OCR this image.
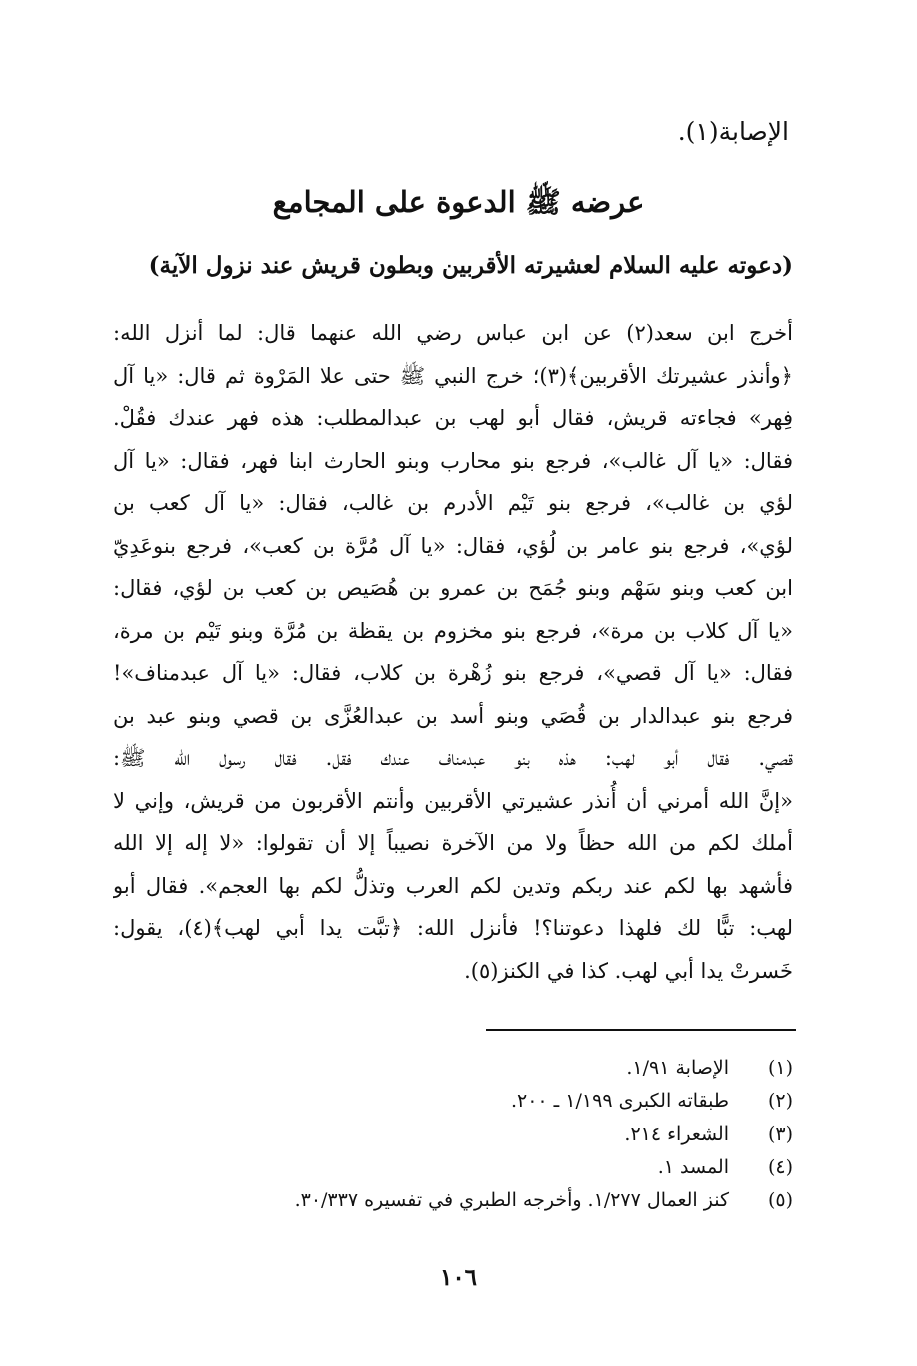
الإصابة(١).
عرضه ﷺ الدعوة على المجامع
(دعوته عليه السلام لعشيرته الأقربين وبطون قريش عند نزول الآية)
أخرج ابن سعد(٢) عن ابن عباس رضي الله عنهما قال: لما أنزل الله:
﴿وأنذر عشيرتك الأقربين﴾(٣)؛ خرج النبي ﷺ حتى علا المَرْوة ثم قال: «يا آل
فِهر» فجاءته قريش، فقال أبو لهب بن عبدالمطلب: هذه فهر عندك فقُلْ.
فقال: «يا آل غالب»، فرجع بنو محارب وبنو الحارث ابنا فهر، فقال: «يا آل
لؤي بن غالب»، فرجع بنو تَيْم الأدرم بن غالب، فقال: «يا آل كعب بن
لؤي»، فرجع بنو عامر بن لُؤي، فقال: «يا آل مُرَّة بن كعب»، فرجع بنوعَدِيّ
ابن كعب وبنو سَهْم وبنو جُمَح بن عمرو بن هُصَيص بن كعب بن لؤي، فقال:
«يا آل كلاب بن مرة»، فرجع بنو مخزوم بن يقظة بن مُرَّة وبنو تَيْم بن مرة،
فقال: «يا آل قصي»، فرجع بنو زُهْرة بن كلاب، فقال: «يا آل عبدمناف»!
فرجع بنو عبدالدار بن قُصَي وبنو أسد بن عبدالعُزَّى بن قصي وبنو عبد بن
قصي. فقال أبو لهب: هذه بنو عبدمناف عندك فقل. فقال رسول الله ﷺ:
«إنَّ الله أمرني أن أُنذر عشيرتي الأقربين وأنتم الأقربون من قريش، وإني لا
أملك لكم من الله حظاً ولا من الآخرة نصيباً إلا أن تقولوا: «لا إله إلا الله
فأشهد بها لكم عند ربكم وتدين لكم العرب وتذلُّ لكم بها العجم». فقال أبو
لهب: تبًّا لك فلهذا دعوتنا؟! فأنزل الله: ﴿تبَّت يدا أبي لهب﴾(٤)، يقول:
خَسرتْ يدا أبي لهب. كذا في الكنز(٥).
(١)
الإصابة ١/٩١.
(٢)
طبقاته الكبرى ١/١٩٩ ـ ٢٠٠.
(٣)
الشعراء ٢١٤.
(٤)
المسد ١.
(٥)
كنز العمال ١/٢٧٧. وأخرجه الطبري في تفسيره ٣٠/٣٣٧.
١٠٦
